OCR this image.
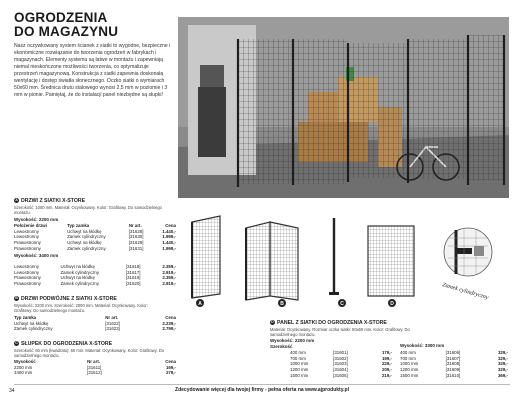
OGRODZENIA
DO MAGAZYNU
Nasz oczywkowany system ścianek z siatki to wygodne, bezpieczne i ekonomiczne rozwiązanie do tworzenia ogrodzeń w fabrykach i magazynach. Elementy systemu są łatwe w montażu i zapewniają niemal nieskończone możliwości tworzenia, co optymalizuje przestrzeń magazynową. Konstrukcja z siatki zapewnia doskonałą wentylację i dostęp światła słonecznego. Oczko siatki o wymiarach 50x60 mm. Średnica drutu stalowego wynosi 2,5 mm w poziomie i 3 mm w pionie. Pamiętaj, że do instalacji panel niezbędne są słupki!
A	B	C	D
Zamek cylindryczny
A DRZWI Z SIATKI X-STORE
Szerokość: 1000 mm. Materiał: Ocynkowany. Kolor: Grafitowy. Do samodzielnego montażu.
Wysokość: 2200 mm
Położenie drzwi	Typ zamka	Nr art.	Cena
Lewostronny	Uchwyt na kłódkę	[31628]	1.440,-
Lewostronny	Zamek cylindryczny	[31630]	1.999,-
Prawostronny	Uchwyt na kłódkę	[31629]	1.440,-
Prawostronny	Zamek cylindryczny	[31631]	1.999,-
Wysokość: 3400 mm
Lewostronny	Uchwyt na kłódkę	[31618]	2.359,-
Lewostronny	Zamek cylindryczny	[31617]	2.919,-
Prawostronny	Uchwyt na kłódkę	[31619]	2.359,-
Prawostronny	Zamek cylindryczny	[31620]	2.919,-
B DRZWI PODWÓJNE Z SIATKI X-STORE
Wysokość: 2200 mm. Szerokość: 2000 mm. Materiał: Ocynkowany. Kolor: Grafitowy. Do samodzielnego montażu.
Typ zamka	Nr art.	Cena
Uchwyt na kłódkę	[31622]	2.239,-
Zamek cylindryczny	[31623]	2.799,-
C SŁUPEK DO OGRODZENIA X-STORE
Szerokość: 60 mm (kwadratu): 60 mm. Materiał: Ocynkowany. Kolor: Grafitowy. Do samodzielnego montażu.
Wysokość	Nr art.	Cena
2200 mm	[31611]	169,-
3400 mm	[31612]	279,-
D PANEL Z SIATKI DO OGRODZENIA X-STORE
Materiał: Ocynkowany. Rozmiar oczka siatki: 50x60 mm. Kolor: Grafitowy. Do samodzielnego montażu.
Wysokość: 2200 mm
Wysokość: 3300 mm
Szerokość
400 mm	[31601]	179,-
700 mm	[31602]	199,-
1000 mm	[31603]	229,-
1200 mm	[31604]	209,-
1500 mm	[31605]	219,-
400 mm	[31606]	329,-
700 mm	[31607]	329,-
1000 mm	[31608]	329,-
1200 mm	[31609]	329,-
1500 mm	[31610]	369,-
34	Zdecydowanie więcej dla twojej firmy - pełna oferta na www.ajprodukty.pl
